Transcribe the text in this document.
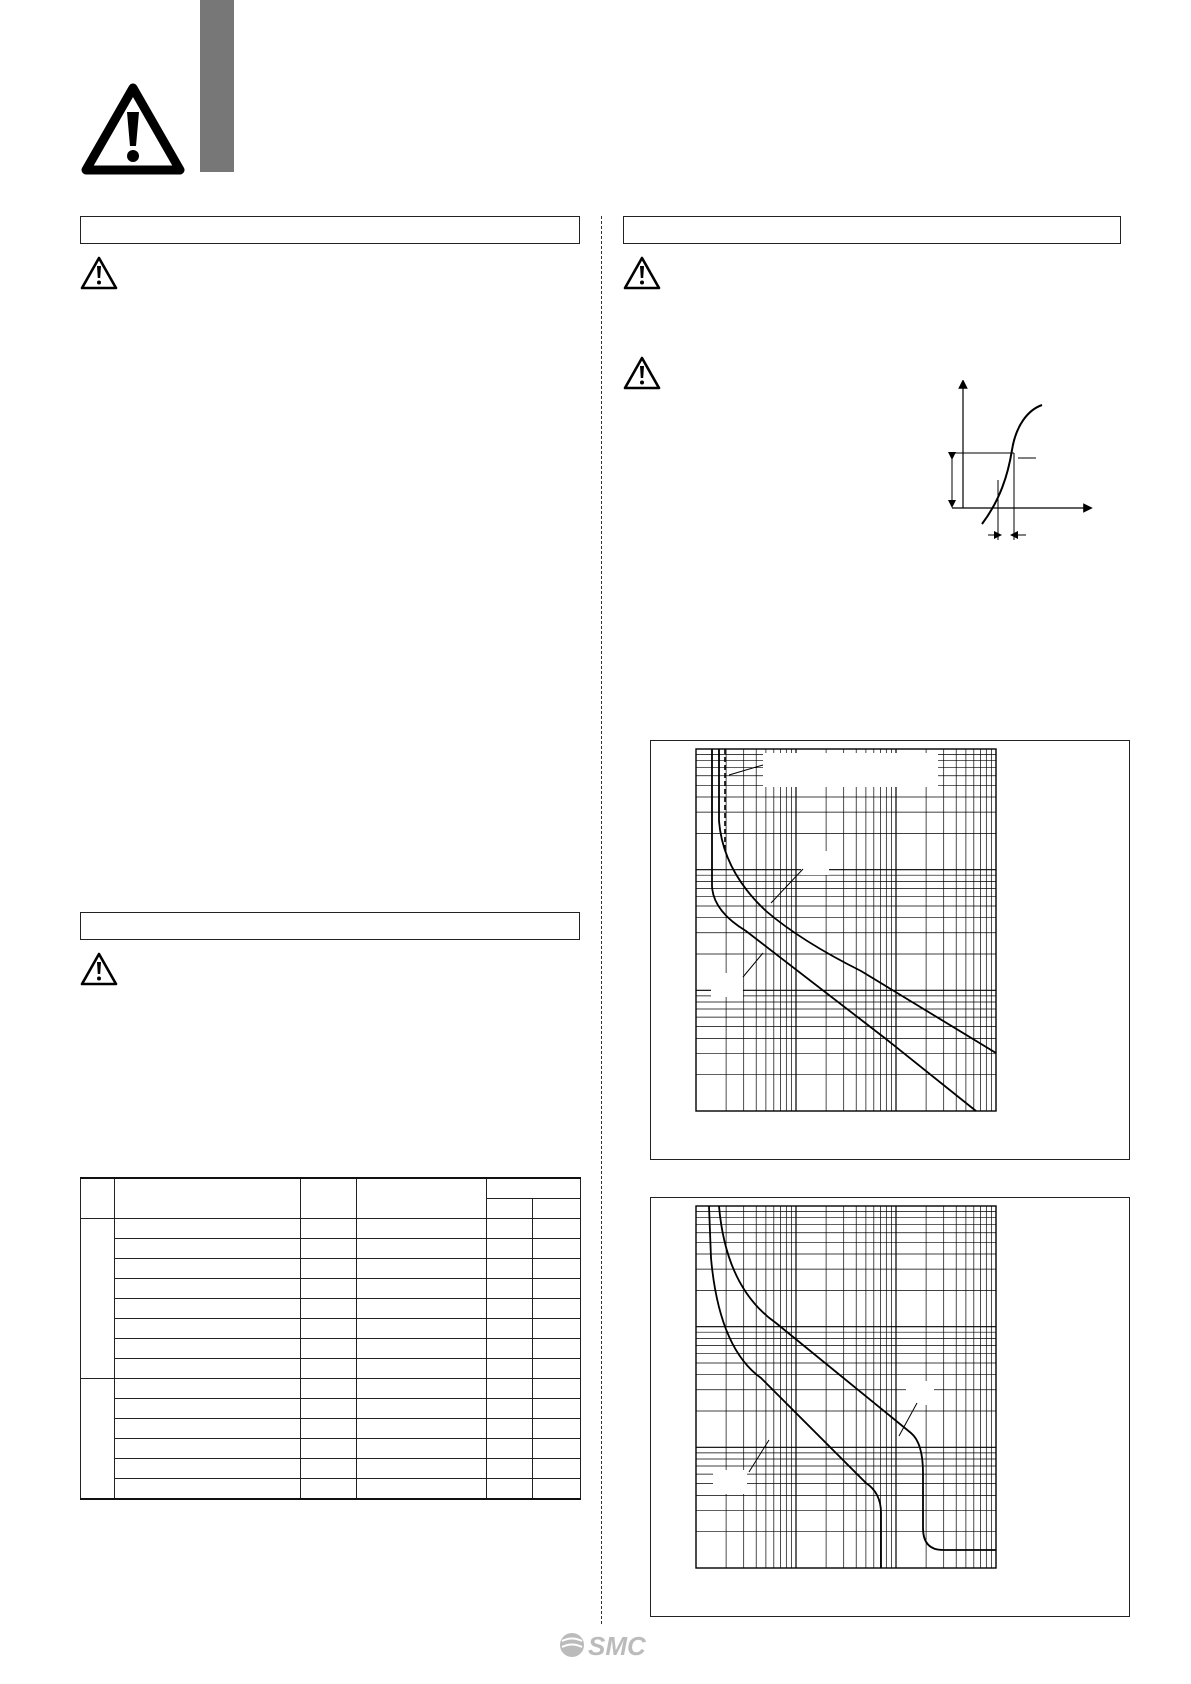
SMC
